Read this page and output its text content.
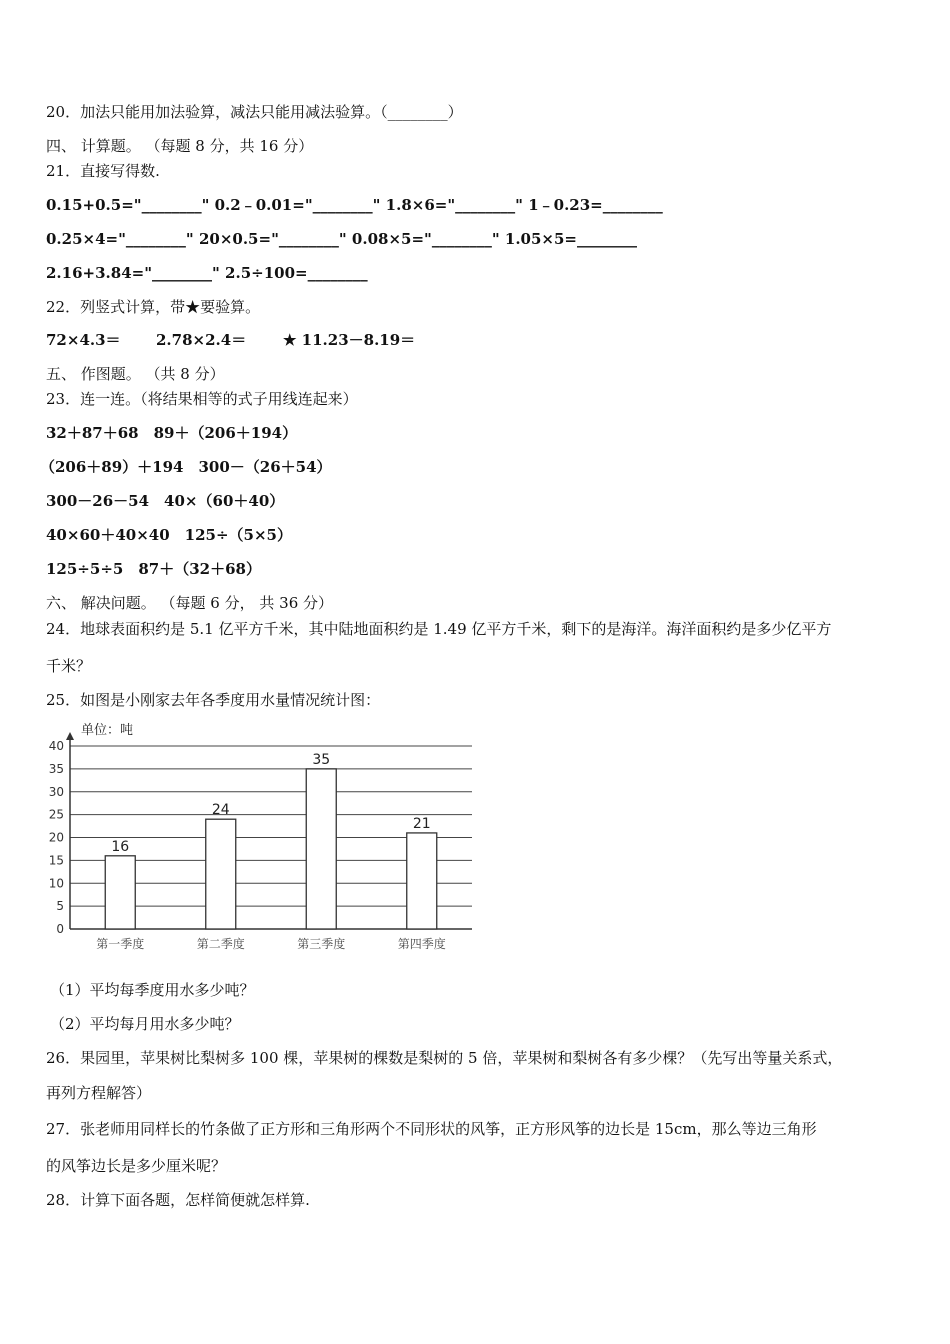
20．加法只能用加法验算，减法只能用减法验算。（________）
四、 计算题。 （每题 8 分，共 16 分）
21．直接写得数.
0.15+0.5="________" 0.2﹣0.01="________" 1.8×6="________" 1﹣0.23=________
0.25×4="________" 20×0.5="________" 0.08×5="________" 1.05×5=________
2.16+3.84="________" 2.5÷100=________
22．列竖式计算，带★要验算。
72×4.3＝ 2.78×2.4＝ ★ 11.23－8.19＝
五、 作图题。 （共 8 分）
23．连一连。（将结果相等的式子用线连起来）
32＋87＋68　89＋（206＋194）
（206＋89）＋194　300－（26＋54）
300－26－54　40×（60＋40）
40×60＋40×40　125÷（5×5）
125÷5÷5　87＋（32＋68）
六、 解决问题。 （每题 6 分， 共 36 分）
24．地球表面积约是 5.1 亿平方千米，其中陆地面积约是 1.49 亿平方千米，剩下的是海洋。海洋面积约是多少亿平方
千米？
25．如图是小刚家去年各季度用水量情况统计图：
单位：吨
0
5
10
15
20
25
30
35
40
16
第一季度
24
第二季度
35
第三季度
21
第四季度
（1）平均每季度用水多少吨？
（2）平均每月用水多少吨？
26．果园里，苹果树比梨树多 100 棵，苹果树的棵数是梨树的 5 倍，苹果树和梨树各有多少棵？（先写出等量关系式，
再列方程解答）
27．张老师用同样长的竹条做了正方形和三角形两个不同形状的风筝，正方形风筝的边长是 15cm，那么等边三角形
的风筝边长是多少厘米呢？
28．计算下面各题，怎样简便就怎样算.
